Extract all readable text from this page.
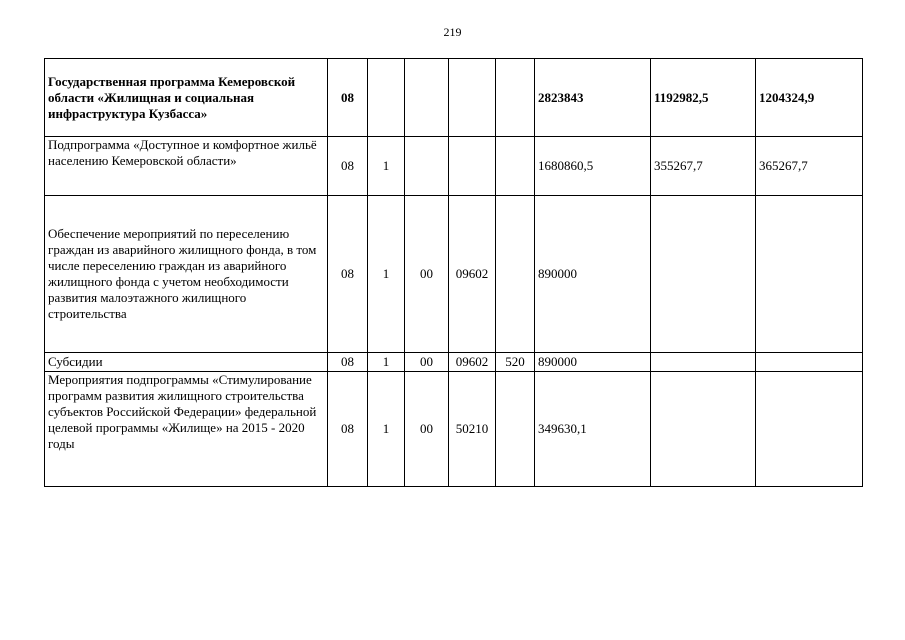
219
Государственная программа Кемеровской области «Жилищная и социальная инфраструктура Кузбасса»	08					2823843	1192982,5	1204324,9
Подпрограмма «Доступное и комфортное жильё населению Кемеровской области»	08	1				1680860,5	355267,7	365267,7
Обеспечение мероприятий по переселению граждан из аварийного жилищного фонда, в том числе переселению граждан из аварийного жилищного фонда с учетом необходимости развития малоэтажного жилищного строительства	08	1	00	09602		890000		
Субсидии	08	1	00	09602	520	890000		
Мероприятия подпрограммы «Стимулирование программ развития жилищного строительства субъектов Российской Федерации» федеральной целевой программы «Жилище» на 2015 - 2020 годы	08	1	00	50210		349630,1		
